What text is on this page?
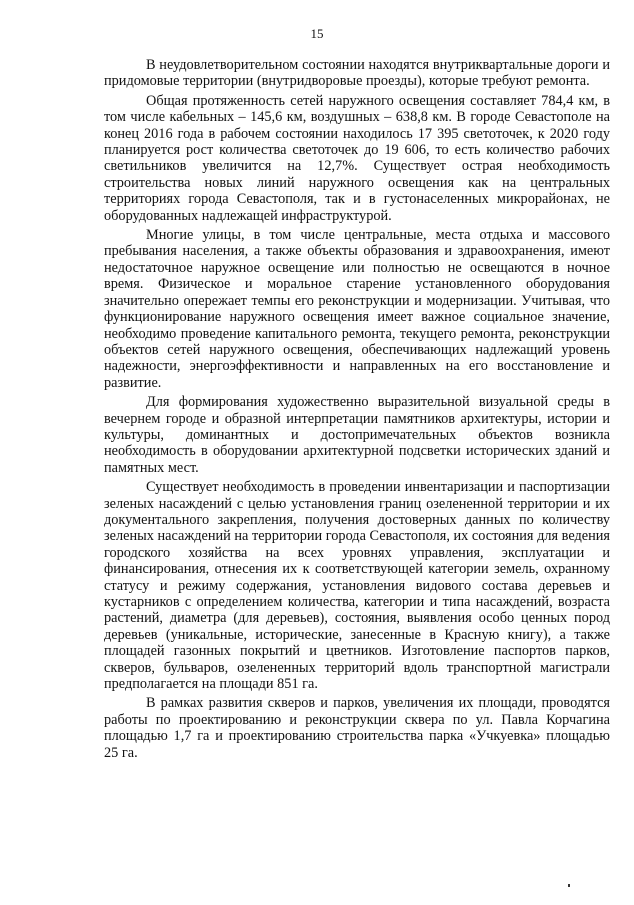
15

В неудовлетворительном состоянии находятся внутриквартальные дороги и придомовые территории (внутридворовые проезды), которые требуют ремонта.

Общая протяженность сетей наружного освещения составляет 784,4 км, в том числе кабельных – 145,6 км, воздушных – 638,8 км. В городе Севастополе на конец 2016 года в рабочем состоянии находилось 17 395 светоточек, к 2020 году планируется рост количества светоточек до 19 606, то есть количество рабочих светильников увеличится на 12,7%. Существует острая необходимость строительства новых линий наружного освещения как на центральных территориях города Севастополя, так и в густонаселенных микрорайонах, не оборудованных надлежащей инфраструктурой.

Многие улицы, в том числе центральные, места отдыха и массового пребывания населения, а также объекты образования и здравоохранения, имеют недостаточное наружное освещение или полностью не освещаются в ночное время. Физическое и моральное старение установленного оборудования значительно опережает темпы его реконструкции и модернизации. Учитывая, что функционирование наружного освещения имеет важное социальное значение, необходимо проведение капитального ремонта, текущего ремонта, реконструкции объектов сетей наружного освещения, обеспечивающих надлежащий уровень надежности, энергоэффективности и направленных на его восстановление и развитие.

Для формирования художественно выразительной визуальной среды в вечернем городе и образной интерпретации памятников архитектуры, истории и культуры, доминантных и достопримечательных объектов возникла необходимость в оборудовании архитектурной подсветки исторических зданий и памятных мест.

Существует необходимость в проведении инвентаризации и паспортизации зеленых насаждений с целью установления границ озелененной территории и их документального закрепления, получения достоверных данных по количеству зеленых насаждений на территории города Севастополя, их состояния для ведения городского хозяйства на всех уровнях управления, эксплуатации и финансирования, отнесения их к соответствующей категории земель, охранному статусу и режиму содержания, установления видового состава деревьев и кустарников с определением количества, категории и типа насаждений, возраста растений, диаметра (для деревьев), состояния, выявления особо ценных пород деревьев (уникальные, исторические, занесенные в Красную книгу), а также площадей газонных покрытий и цветников. Изготовление паспортов парков, скверов, бульваров, озелененных территорий вдоль транспортной магистрали предполагается на площади 851 га.

В рамках развития скверов и парков, увеличения их площади, проводятся работы по проектированию и реконструкции сквера по ул. Павла Корчагина площадью 1,7 га и проектированию строительства парка «Учкуевка» площадью 25 га.
